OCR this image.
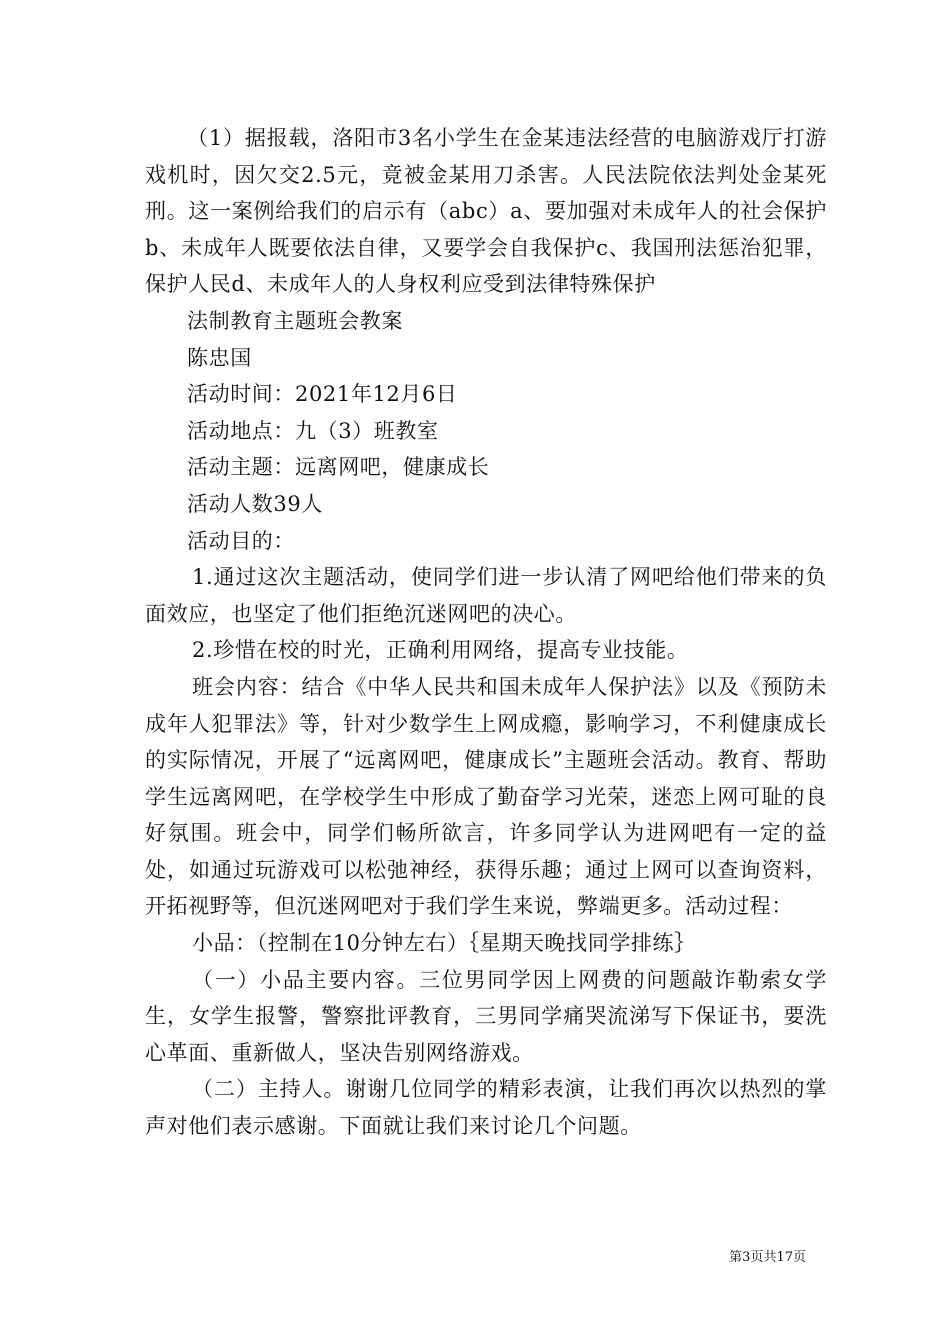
（1）据报载，洛阳市3名小学生在金某违法经营的电脑游戏厅打游戏机时，因欠交2.5元，竟被金某用刀杀害。人民法院依法判处金某死刑。这一案例给我们的启示有（abc）a、要加强对未成年人的社会保护b、未成年人既要依法自律，又要学会自我保护c、我国刑法惩治犯罪，保护人民d、未成年人的人身权利应受到法律特殊保护

法制教育主题班会教案

陈忠国

活动时间：2021年12月6日

活动地点：九（3）班教室

活动主题：远离网吧，健康成长

活动人数39人

活动目的：

1.通过这次主题活动，使同学们进一步认清了网吧给他们带来的负面效应，也坚定了他们拒绝沉迷网吧的决心。

2.珍惜在校的时光，正确利用网络，提高专业技能。

班会内容：结合《中华人民共和国未成年人保护法》以及《预防未成年人犯罪法》等，针对少数学生上网成瘾，影响学习，不利健康成长的实际情况，开展了“远离网吧，健康成长”主题班会活动。教育、帮助学生远离网吧，在学校学生中形成了勤奋学习光荣，迷恋上网可耻的良好氛围。班会中，同学们畅所欲言，许多同学认为进网吧有一定的益处，如通过玩游戏可以松弛神经，获得乐趣；通过上网可以查询资料，开拓视野等，但沉迷网吧对于我们学生来说，弊端更多。活动过程：

小品：（控制在10分钟左右）｛星期天晚找同学排练｝

（一）小品主要内容。三位男同学因上网费的问题敲诈勒索女学生，女学生报警，警察批评教育，三男同学痛哭流涕写下保证书，要洗心革面、重新做人，坚决告别网络游戏。

（二）主持人。谢谢几位同学的精彩表演，让我们再次以热烈的掌声对他们表示感谢。下面就让我们来讨论几个问题。

第3页共17页
